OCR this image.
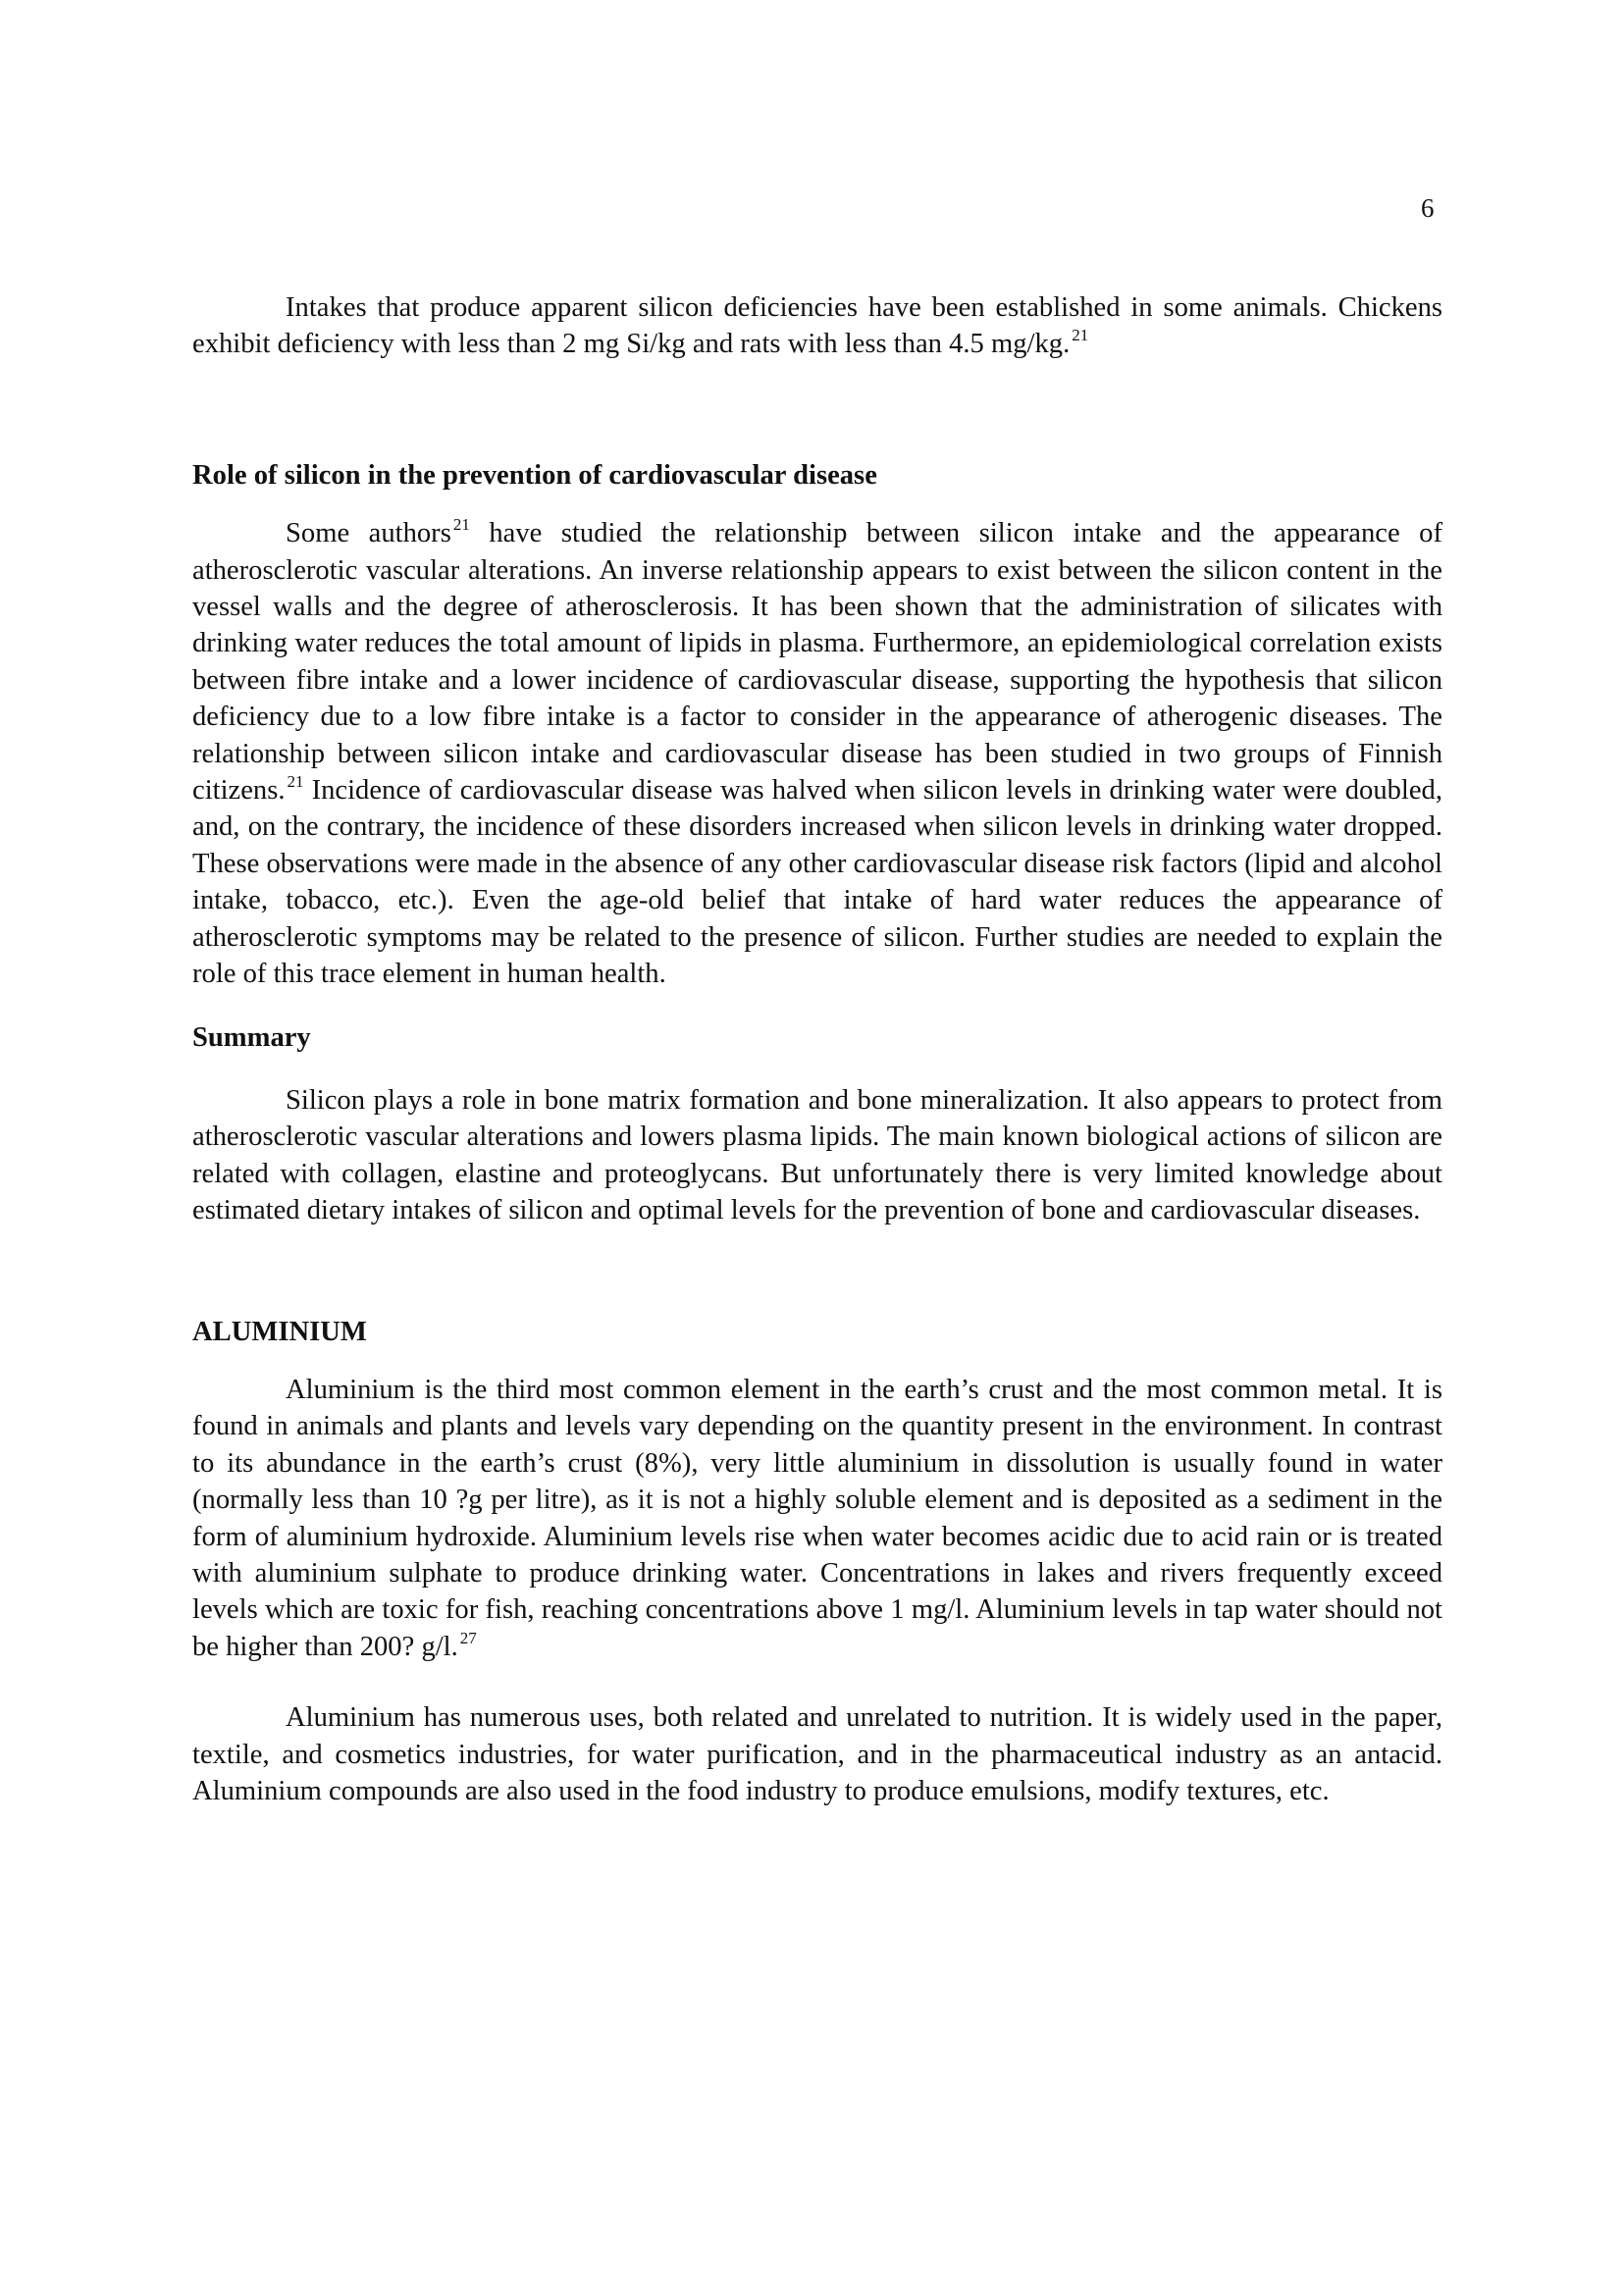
6

Intakes that produce apparent silicon deficiencies have been established in some animals. Chickens exhibit deficiency with less than 2 mg Si/kg and rats with less than 4.5 mg/kg. $^{21}$

Role of silicon in the prevention of cardiovascular disease

Some authors $^{21}$ have studied the relationship between silicon intake and the appearance of atherosclerotic vascular alterations. An inverse relationship appears to exist between the silicon content in the vessel walls and the degree of atherosclerosis. It has been shown that the administration of silicates with drinking water reduces the total amount of lipids in plasma. Furthermore, an epidemiological correlation exists between fibre intake and a lower incidence of cardiovascular disease, supporting the hypothesis that silicon deficiency due to a low fibre intake is a factor to consider in the appearance of atherogenic diseases. The relationship between silicon intake and cardiovascular disease has been studied in two groups of Finnish citizens. $^{21}$ Incidence of cardiovascular disease was halved when silicon levels in drinking water were doubled, and, on the contrary, the incidence of these disorders increased when silicon levels in drinking water dropped. These observations were made in the absence of any other cardiovascular disease risk factors (lipid and alcohol intake, tobacco, etc.). Even the age-old belief that intake of hard water reduces the appearance of atherosclerotic symptoms may be related to the presence of silicon. Further studies are needed to explain the role of this trace element in human health.

Summary

Silicon plays a role in bone matrix formation and bone mineralization. It also appears to protect from atherosclerotic vascular alterations and lowers plasma lipids. The main known biological actions of silicon are related with collagen, elastine and proteoglycans. But unfortunately there is very limited knowledge about estimated dietary intakes of silicon and optimal levels for the prevention of bone and cardiovascular diseases.

ALUMINIUM

Aluminium is the third most common element in the earth’s crust and the most common metal. It is found in animals and plants and levels vary depending on the quantity present in the environment. In contrast to its abundance in the earth’s crust (8%), very little aluminium in dissolution is usually found in water (normally less than 10 ?g per litre), as it is not a highly soluble element and is deposited as a sediment in the form of aluminium hydroxide. Aluminium levels rise when water becomes acidic due to acid rain or is treated with aluminium sulphate to produce drinking water. Concentrations in lakes and rivers frequently exceed levels which are toxic for fish, reaching concentrations above 1 mg/l. Aluminium levels in tap water should not be higher than 200? g/l. $^{27}$

Aluminium has numerous uses, both related and unrelated to nutrition. It is widely used in the paper, textile, and cosmetics industries, for water purification, and in the pharmaceutical industry as an antacid. Aluminium compounds are also used in the food industry to produce emulsions, modify textures, etc.
